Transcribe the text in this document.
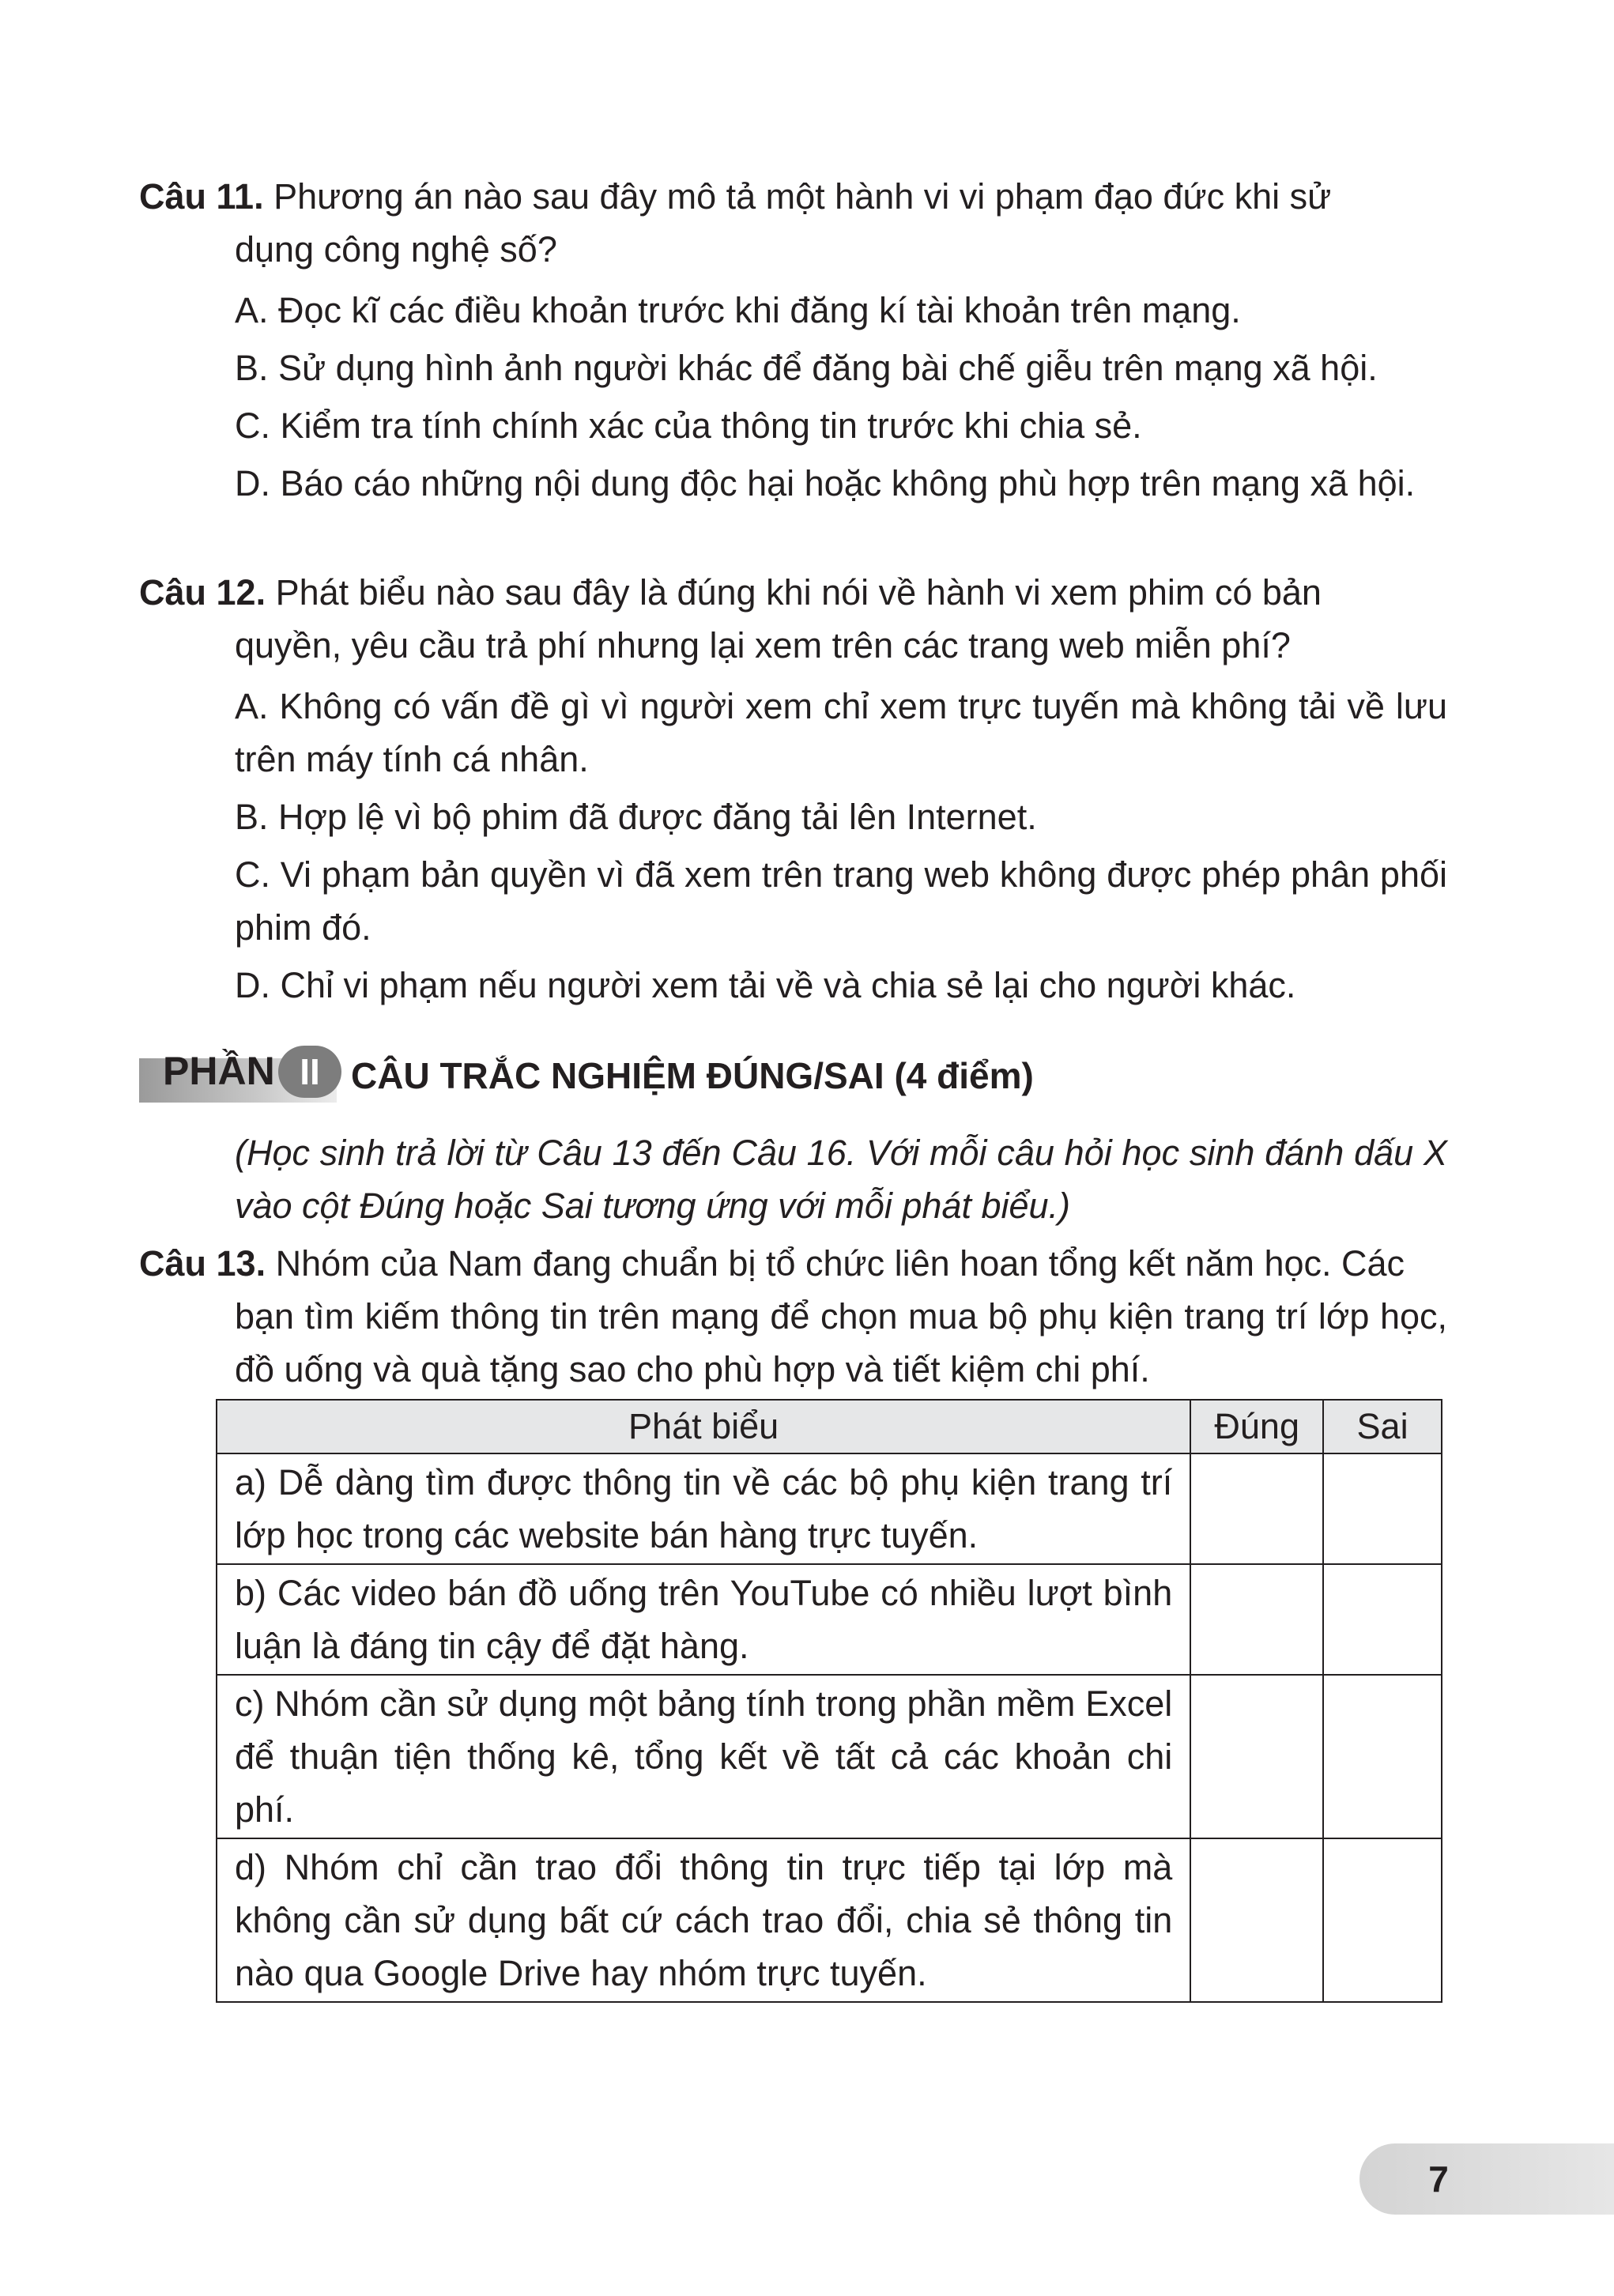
Câu 11. Phương án nào sau đây mô tả một hành vi vi phạm đạo đức khi sử
dụng công nghệ số?
A. Đọc kĩ các điều khoản trước khi đăng kí tài khoản trên mạng.
B. Sử dụng hình ảnh người khác để đăng bài chế giễu trên mạng xã hội.
C. Kiểm tra tính chính xác của thông tin trước khi chia sẻ.
D. Báo cáo những nội dung độc hại hoặc không phù hợp trên mạng xã hội.
Câu 12. Phát biểu nào sau đây là đúng khi nói về hành vi xem phim có bản
quyền, yêu cầu trả phí nhưng lại xem trên các trang web miễn phí?
A. Không có vấn đề gì vì người xem chỉ xem trực tuyến mà không tải về lưu trên máy tính cá nhân.
B. Hợp lệ vì bộ phim đã được đăng tải lên Internet.
C. Vi phạm bản quyền vì đã xem trên trang web không được phép phân phối phim đó.
D. Chỉ vi phạm nếu người xem tải về và chia sẻ lại cho người khác.
PHẦN II CÂU TRẮC NGHIỆM ĐÚNG/SAI (4 điểm)
(Học sinh trả lời từ Câu 13 đến Câu 16. Với mỗi câu hỏi học sinh đánh dấu X vào cột Đúng hoặc Sai tương ứng với mỗi phát biểu.)
Câu 13. Nhóm của Nam đang chuẩn bị tổ chức liên hoan tổng kết năm học. Các
bạn tìm kiếm thông tin trên mạng để chọn mua bộ phụ kiện trang trí lớp học, đồ uống và quà tặng sao cho phù hợp và tiết kiệm chi phí.
Phát biểu	Đúng	Sai
a) Dễ dàng tìm được thông tin về các bộ phụ kiện trang trí lớp học trong các website bán hàng trực tuyến.		
b) Các video bán đồ uống trên YouTube có nhiều lượt bình luận là đáng tin cậy để đặt hàng.		
c) Nhóm cần sử dụng một bảng tính trong phần mềm Excel để thuận tiện thống kê, tổng kết về tất cả các khoản chi phí.		
d) Nhóm chỉ cần trao đổi thông tin trực tiếp tại lớp mà không cần sử dụng bất cứ cách trao đổi, chia sẻ thông tin nào qua Google Drive hay nhóm trực tuyến.		
7
